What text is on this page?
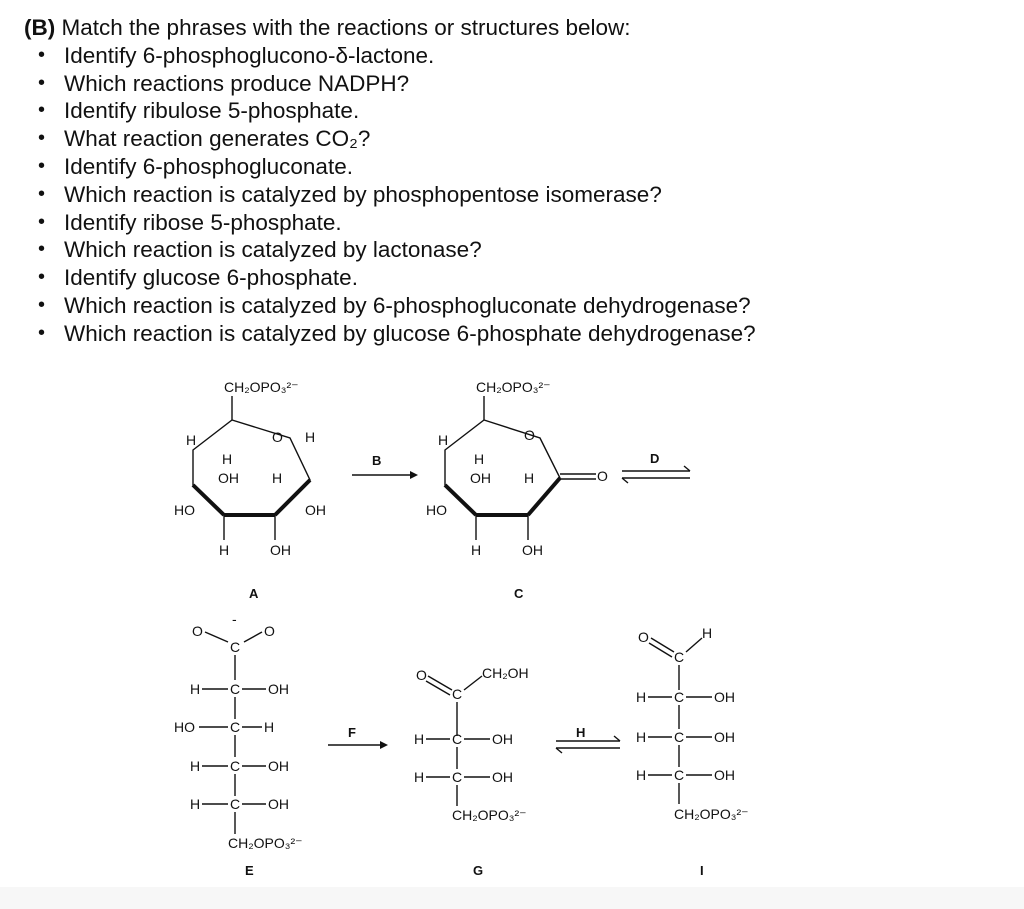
(B) Match the phrases with the reactions or structures below:

• Identify 6-phosphoglucono-δ-lactone.
• Which reactions produce NADPH?
• Identify ribulose 5-phosphate.
• What reaction generates CO₂?
• Identify 6-phosphogluconate.
• Which reaction is catalyzed by phosphopentose isomerase?
• Identify ribose 5-phosphate.
• Which reaction is catalyzed by lactonase?
• Identify glucose 6-phosphate.
• Which reaction is catalyzed by 6-phosphogluconate dehydrogenase?
• Which reaction is catalyzed by glucose 6-phosphate dehydrogenase?
CH₂OPO₃²⁻
O
H	H
H
OH H
HO	OH
H	OH
A
B
CH₂OPO₃²⁻
O
O
H
H
OH H
HO
H	OH
C
D
O
-
O
C
H C OH
HO	C H
H C OH
H C OH
CH₂OPO₃²⁻
E
F
O
C
CH₂OH
H C OH
H C OH
CH₂OPO₃²⁻
G
H
O
C
H
H C OH
H C OH
H C OH
CH₂OPO₃²⁻
I
